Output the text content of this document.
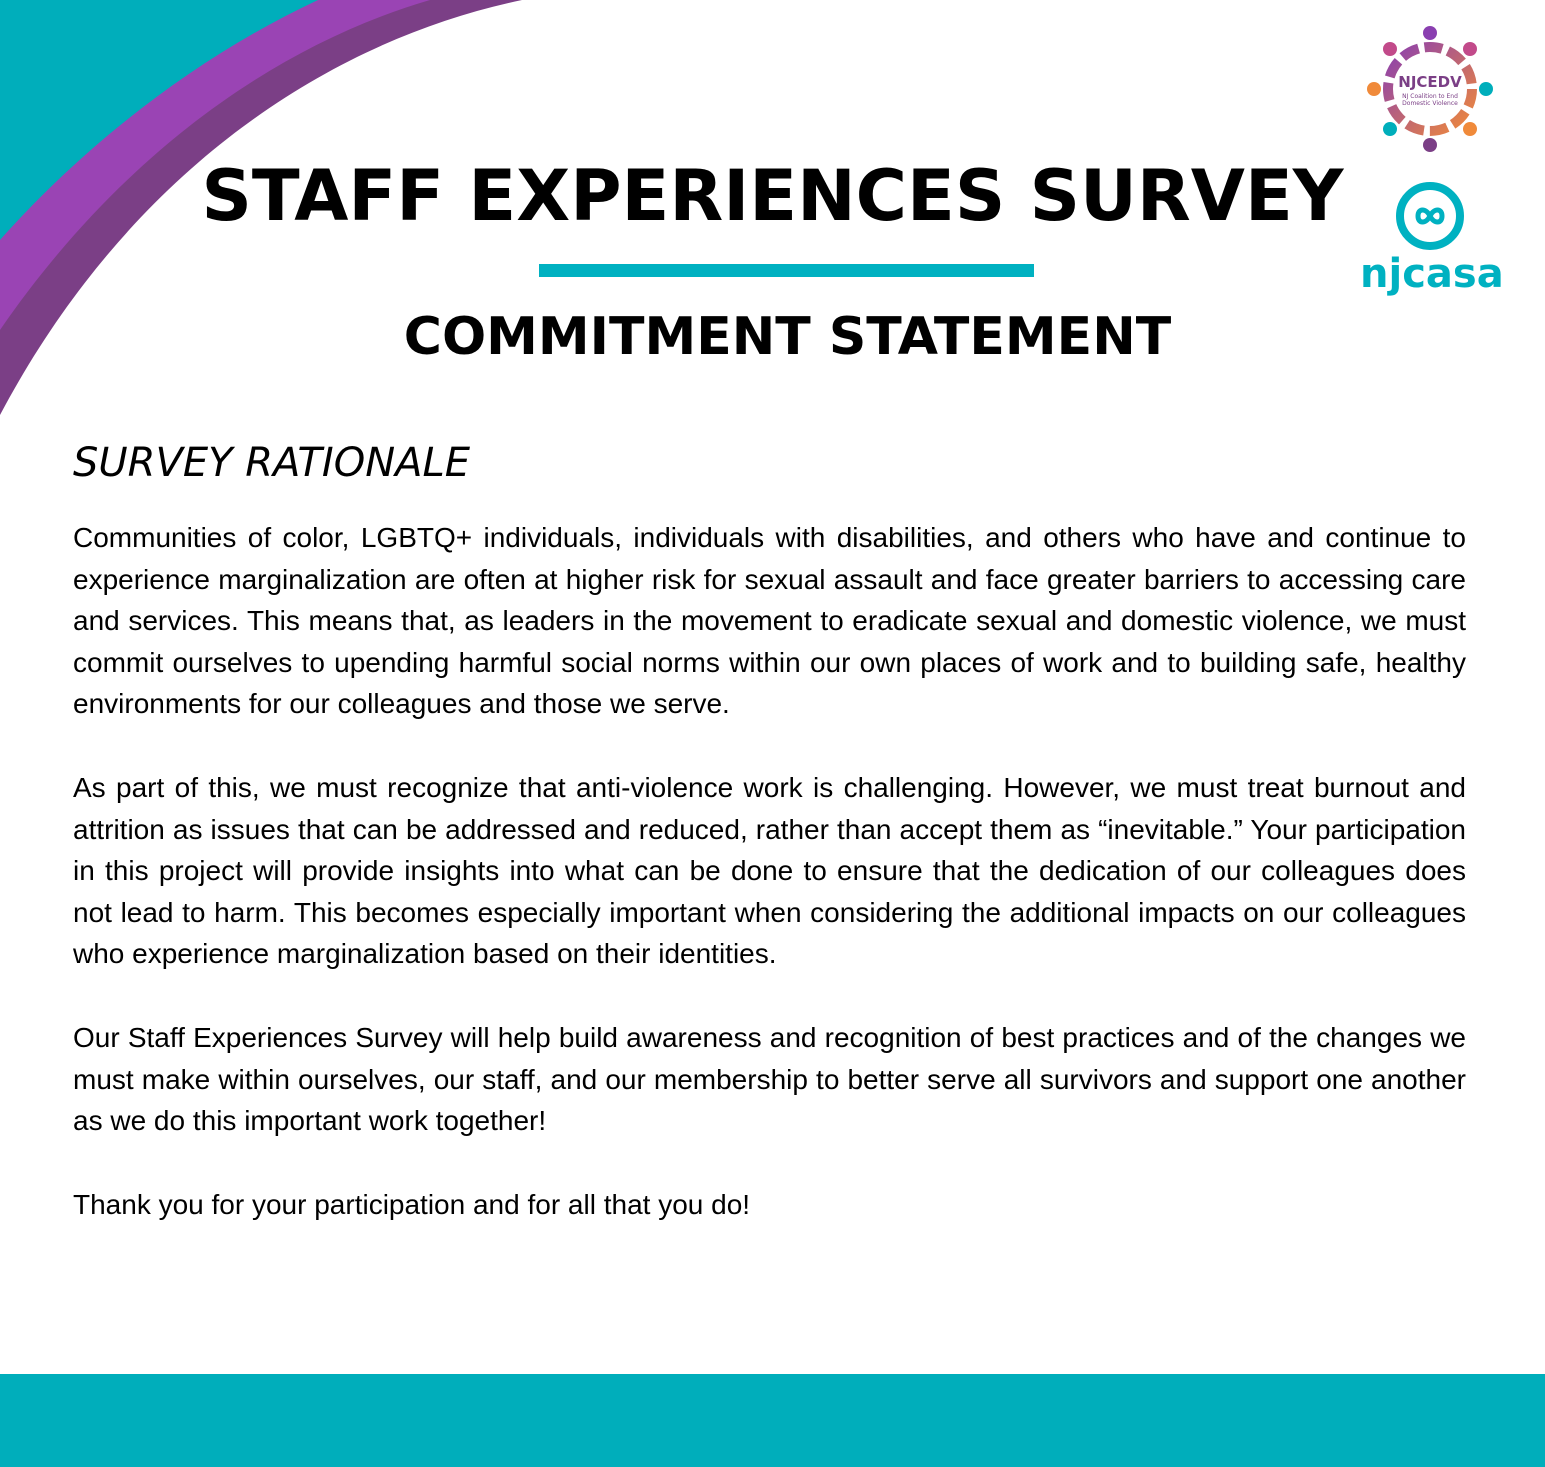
STAFF EXPERIENCES SURVEY
COMMITMENT STATEMENT
NJCEDV
NJ Coalition to End
Domestic Violence
njcasa
SURVEY RATIONALE

Communities of color, LGBTQ+ individuals, individuals with disabilities, and others who have and continue to experience marginalization are often at higher risk for sexual assault and face greater barriers to accessing care and services. This means that, as leaders in the movement to eradicate sexual and domestic violence, we must commit ourselves to upending harmful social norms within our own places of work and to building safe, healthy environments for our colleagues and those we serve.

As part of this, we must recognize that anti-violence work is challenging. However, we must treat burnout and attrition as issues that can be addressed and reduced, rather than accept them as “inevitable.” Your participation in this project will provide insights into what can be done to ensure that the dedication of our colleagues does not lead to harm. This becomes especially important when considering the additional impacts on our colleagues who experience marginalization based on their identities.

Our Staff Experiences Survey will help build awareness and recognition of best practices and of the changes we must make within ourselves, our staff, and our membership to better serve all survivors and support one another as we do this important work together!

Thank you for your participation and for all that you do!
